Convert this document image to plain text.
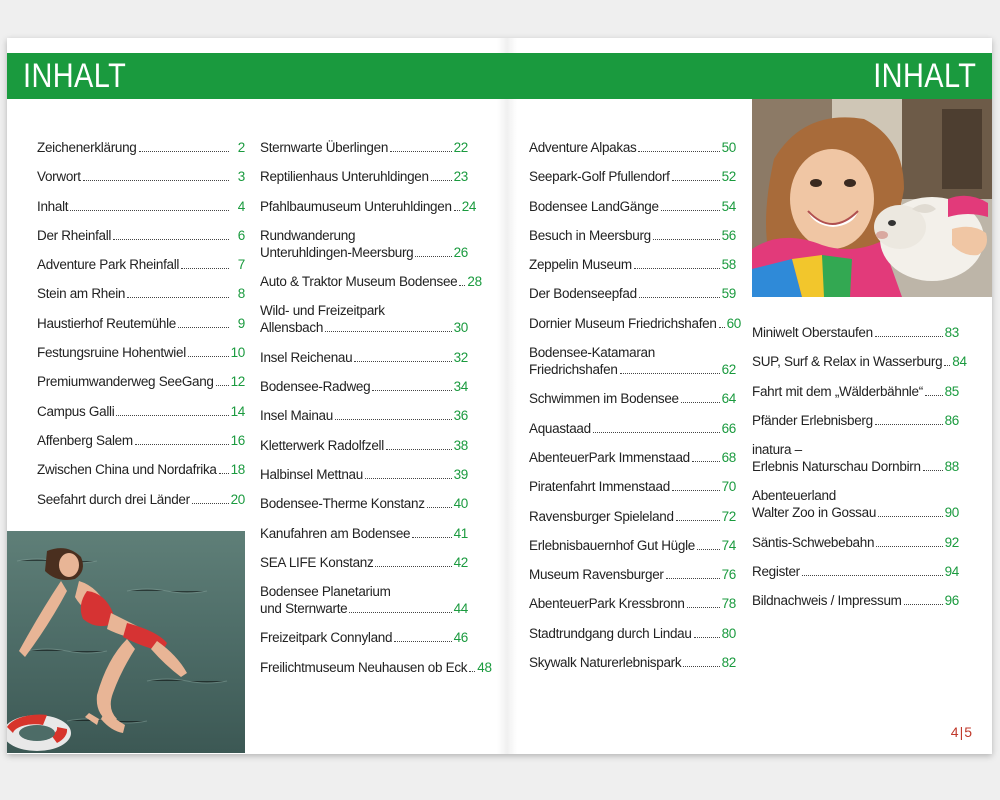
INHALT	INHALT
Zeichenerklärung	2
Vorwort	3
Inhalt	4
Der Rheinfall	6
Adventure Park Rheinfall	7
Stein am Rhein	8
Haustierhof Reutemühle	9
Festungsruine Hohentwiel	10
Premiumwanderweg SeeGang 12
Campus Galli	14
Affenberg Salem	16
Zwischen China und Nordafrika 18
Seefahrt durch drei Länder	20
Sternwarte Überlingen	22
Reptilienhaus Unteruhldingen 23
Pfahlbaumuseum Unteruhldingen 24
Rundwanderung
Unteruhldingen-Meersburg	26
Auto & Traktor Museum Bodensee 28
Wild- und Freizeitpark
Allensbach	30
Insel Reichenau	32
Bodensee-Radweg	34
Insel Mainau	36
Kletterwerk Radolfzell	38
Halbinsel Mettnau	39
Bodensee-Therme Konstanz 40
Kanufahren am Bodensee	41
SEA LIFE Konstanz	42
Bodensee Planetarium
und Sternwarte	44
Freizeitpark Connyland	46
Freilichtmuseum Neuhausen ob Eck 48
Adventure Alpakas	50
Seepark-Golf Pfullendorf	52
Bodensee LandGänge	54
Besuch in Meersburg	56
Zeppelin Museum	58
Der Bodenseepfad	59
Dornier Museum Friedrichshafen 60
Bodensee-Katamaran
Friedrichshafen	62
Schwimmen im Bodensee	64
Aquastaad	66
AbenteuerPark Immenstaad 68
Piratenfahrt Immenstaad	70
Ravensburger Spieleland	72
Erlebnisbauernhof Gut Hügle 74
Museum Ravensburger	76
AbenteuerPark Kressbronn	78
Stadtrundgang durch Lindau 80
Skywalk Naturerlebnispark	82
Miniwelt Oberstaufen	83
SUP, Surf & Relax in Wasserburg 84
Fahrt mit dem „Wälderbähnle“ 85
Pfänder Erlebnisberg	86
inatura –
Erlebnis Naturschau Dornbirn 88
Abenteuerland
Walter Zoo in Gossau	90
Säntis-Schwebebahn	92
Register	94
Bildnachweis / Impressum	96
4|5
